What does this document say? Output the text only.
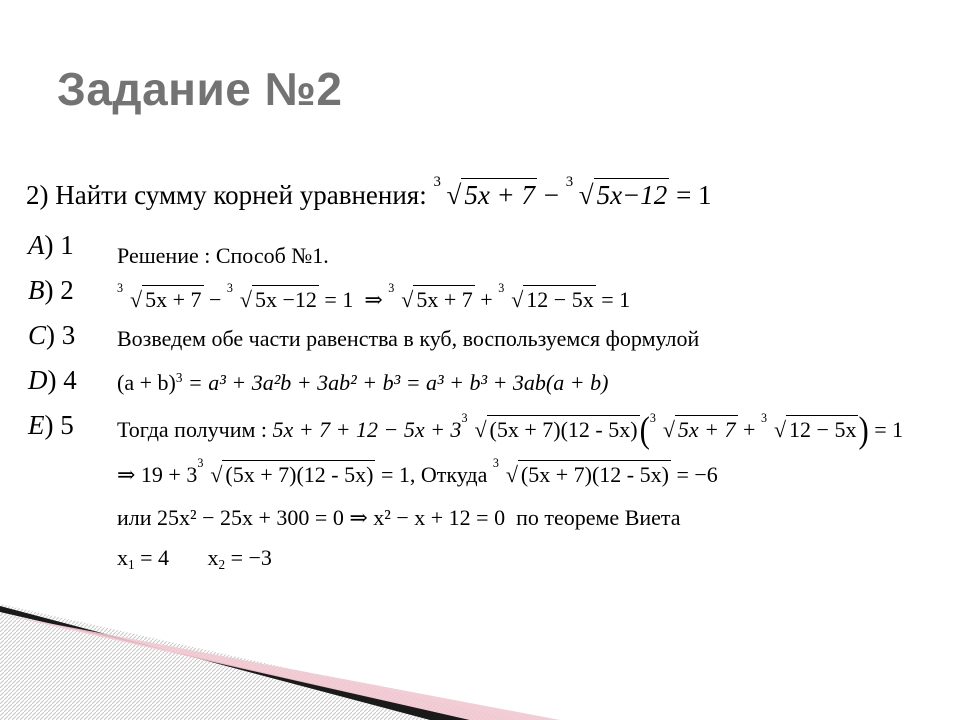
Задание №2
2) Найти сумму корней уравнения: 3 √ 5x + 7 − 3 √ 5x−12 = 1
A) 1
B) 2
C) 3
D) 4
E) 5
Решение : Способ №1.
3 √ 5x + 7 − 3 √ 5x −12 = 1 ⇒ 3 √ 5x + 7 + 3 √ 12 − 5x = 1
Возведем обе части равенства в куб, воспользуемся формулой
$(a + b)^3 = a^3 + 3a^2b + 3ab^2 + b^3 = a^3 + b^3 + 3ab(a + b)$
Тогда получим : 5x + 7 + 12 − 5x + 3 3 √ (5x + 7)(12 - 5x)( 3 √ 5x + 7 + 3 √ 12 − 5x) = 1
⇒ 19 + 3 3 √ (5x + 7)(12 - 5x) = 1, Откуда 3 √ (5x + 7)(12 - 5x) = −6
или 25x² − 25x + 300 = 0 ⇒ x² − x + 12 = 0 по теореме Виета
$x_1 = 4$ $x_2 = -3$
